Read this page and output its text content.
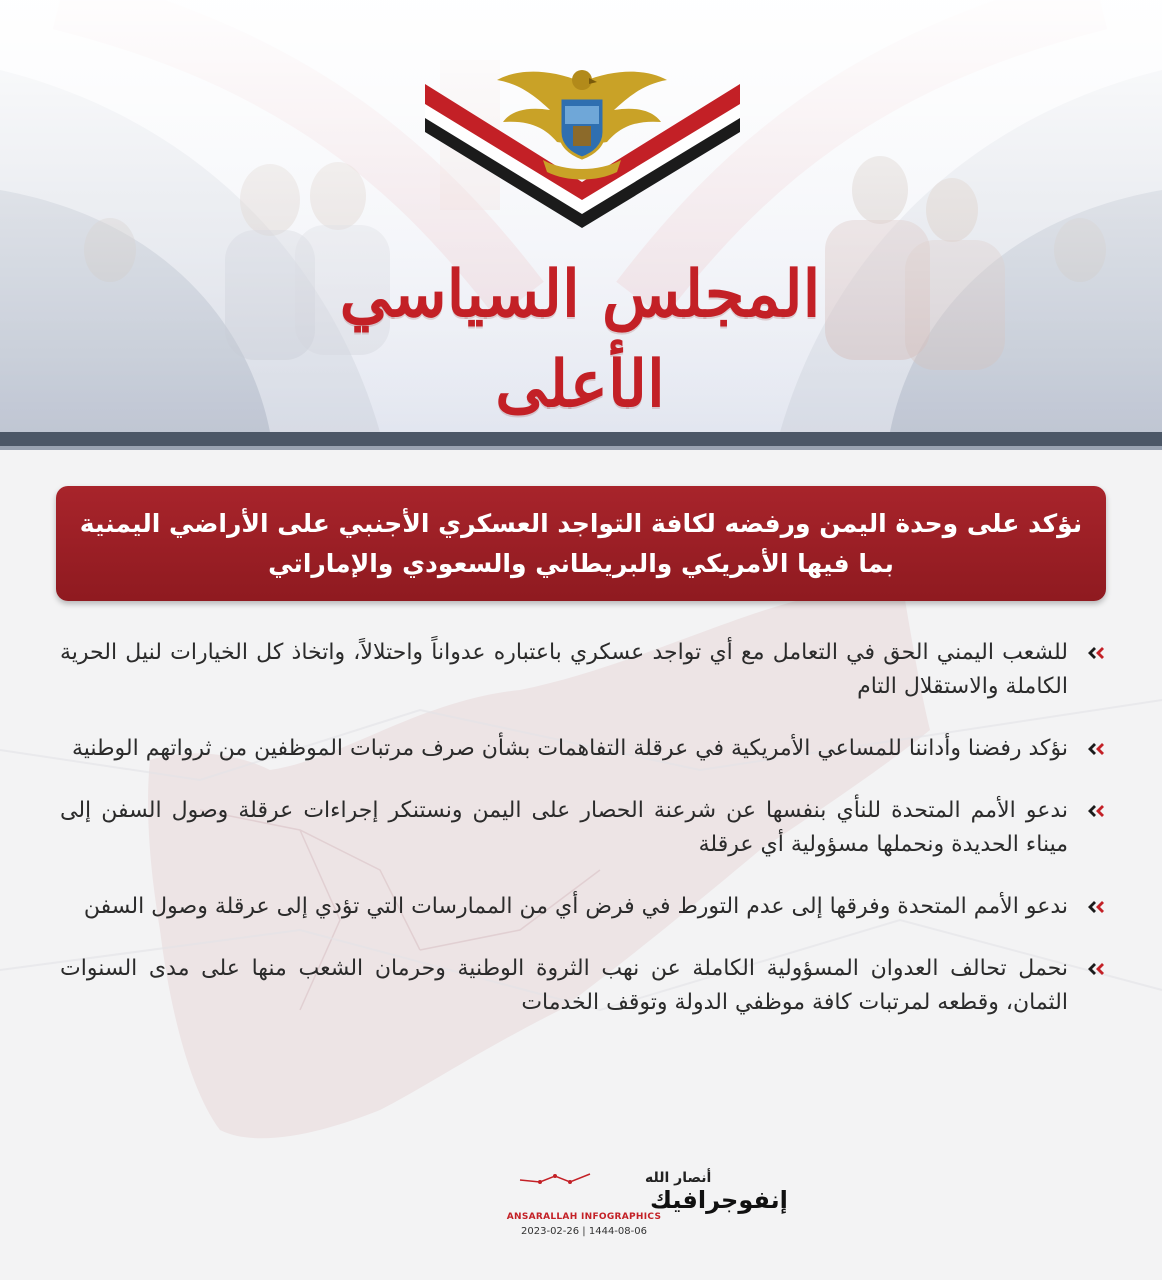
المجلس السياسي الأعلى
نؤكد على وحدة اليمن ورفضه لكافة التواجد العسكري الأجنبي على الأراضي اليمنية بما فيها الأمريكي والبريطاني والسعودي والإماراتي
للشعب اليمني الحق في التعامل مع أي تواجد عسكري باعتباره عدواناً واحتلالاً، واتخاذ كل الخيارات لنيل الحرية الكاملة والاستقلال التام
نؤكد رفضنا وأداننا للمساعي الأمريكية في عرقلة التفاهمات بشأن صرف مرتبات الموظفين من ثرواتهم الوطنية
ندعو الأمم المتحدة للنأي بنفسها عن شرعنة الحصار على اليمن ونستنكر إجراءات عرقلة وصول السفن إلى ميناء الحديدة ونحملها مسؤولية أي عرقلة
ندعو الأمم المتحدة وفرقها إلى عدم التورط في فرض أي من الممارسات التي تؤدي إلى عرقلة وصول السفن
نحمل تحالف العدوان المسؤولية الكاملة عن نهب الثروة الوطنية وحرمان الشعب منها على مدى السنوات الثمان، وقطعه لمرتبات كافة موظفي الدولة وتوقف الخدمات
أنصار الله
إنفوجرافيك
ANSARALLAH INFOGRAPHICS
2023-02-26 | 1444-08-06
